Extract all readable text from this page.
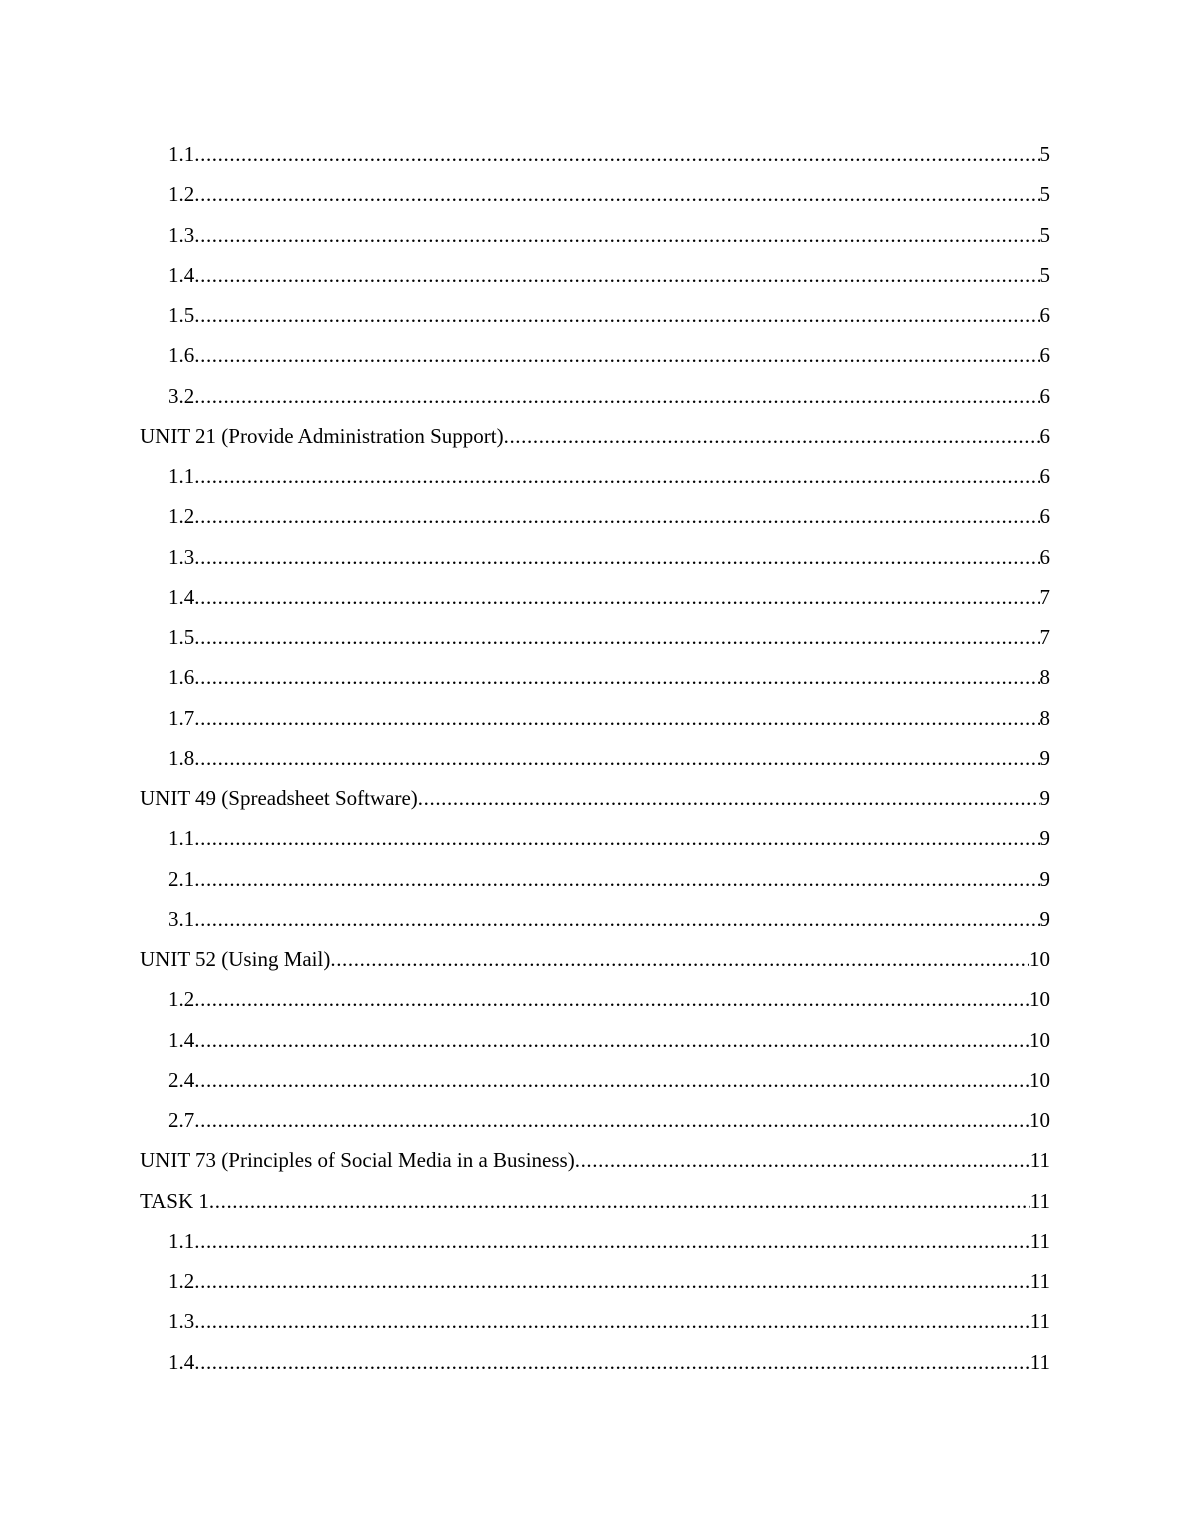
1.1 .....	5
1.2 .....	5
1.3 .....	5
1.4 .....	5
1.5 .....	6
1.6 .....	6
3.2 .....	6
UNIT 21 (Provide Administration Support) .....	6
1.1 .....	6
1.2 .....	6
1.3 .....	6
1.4 .....	7
1.5 .....	7
1.6 .....	8
1.7 .....	8
1.8 .....	9
UNIT 49 (Spreadsheet Software) .....	9
1.1 .....	9
2.1 .....	9
3.1 .....	9
UNIT 52 (Using Mail) .....	10
1.2 .....	10
1.4 .....	10
2.4 .....	10
2.7 .....	10
UNIT 73 (Principles of Social Media in a Business) .....	11
TASK 1 .....	11
1.1 .....	11
1.2 .....	11
1.3 .....	11
1.4 .....	11
